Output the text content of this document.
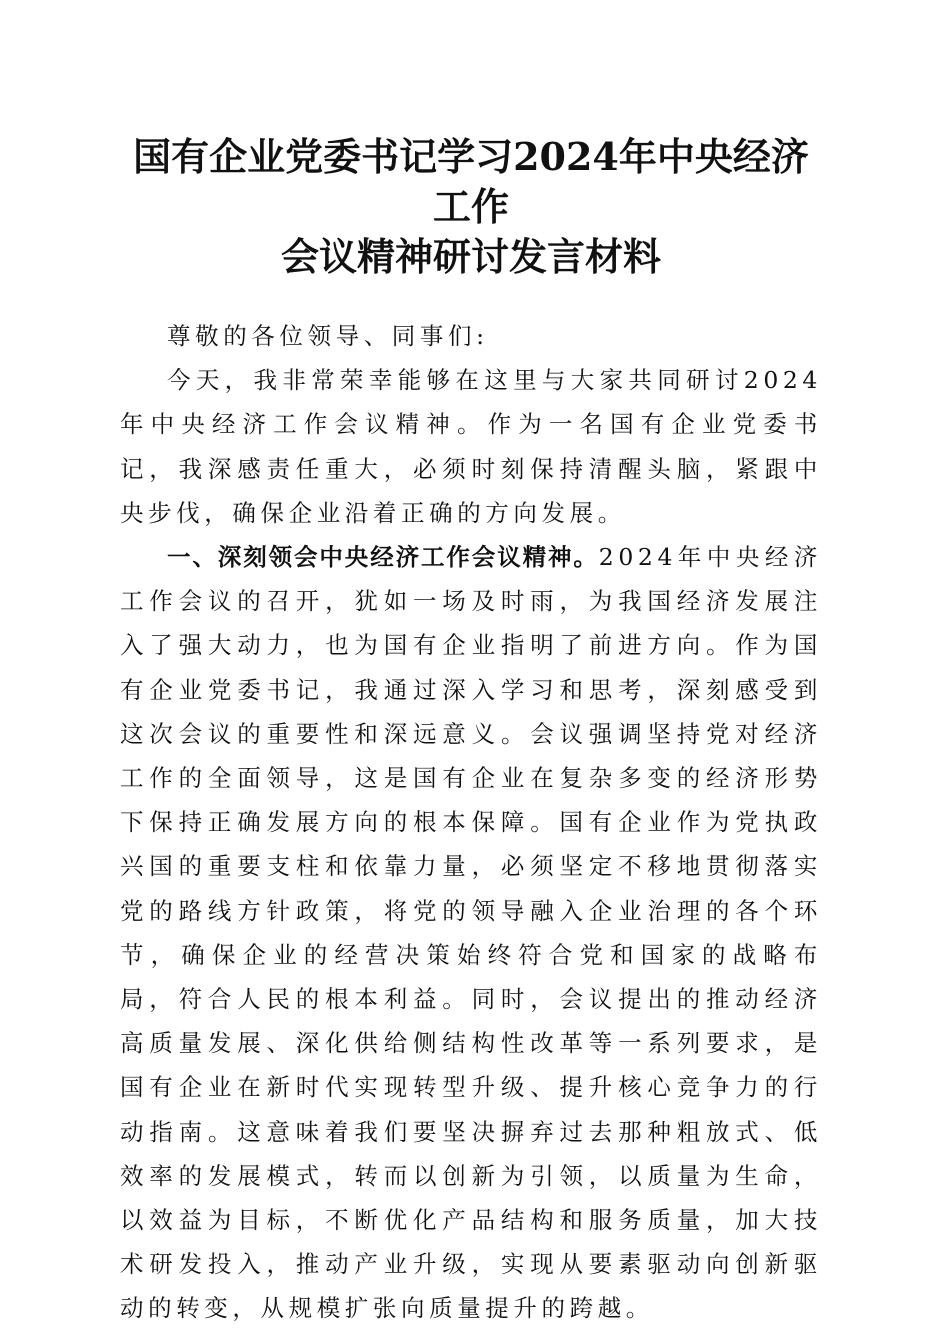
国有企业党委书记学习2024年中央经济工作
会议精神研讨发言材料

尊敬的各位领导、同事们:

今天，我非常荣幸能够在这里与大家共同研讨2024年中央经济工作会议精神。作为一名国有企业党委书记，我深感责任重大，必须时刻保持清醒头脑，紧跟中央步伐，确保企业沿着正确的方向发展。

一、深刻领会中央经济工作会议精神。2024年中央经济工作会议的召开，犹如一场及时雨，为我国经济发展注入了强大动力，也为国有企业指明了前进方向。作为国有企业党委书记，我通过深入学习和思考，深刻感受到这次会议的重要性和深远意义。会议强调坚持党对经济工作的全面领导，这是国有企业在复杂多变的经济形势下保持正确发展方向的根本保障。国有企业作为党执政兴国的重要支柱和依靠力量，必须坚定不移地贯彻落实党的路线方针政策，将党的领导融入企业治理的各个环节，确保企业的经营决策始终符合党和国家的战略布局，符合人民的根本利益。同时，会议提出的推动经济高质量发展、深化供给侧结构性改革等一系列要求，是国有企业在新时代实现转型升级、提升核心竞争力的行动指南。这意味着我们要坚决摒弃过去那种粗放式、低效率的发展模式，转而以创新为引领，以质量为生命，以效益为目标，不断优化产品结构和服务质量，加大技术研发投入，推动产业升级，实现从要素驱动向创新驱动的转变，从规模扩张向质量提升的跨越。
